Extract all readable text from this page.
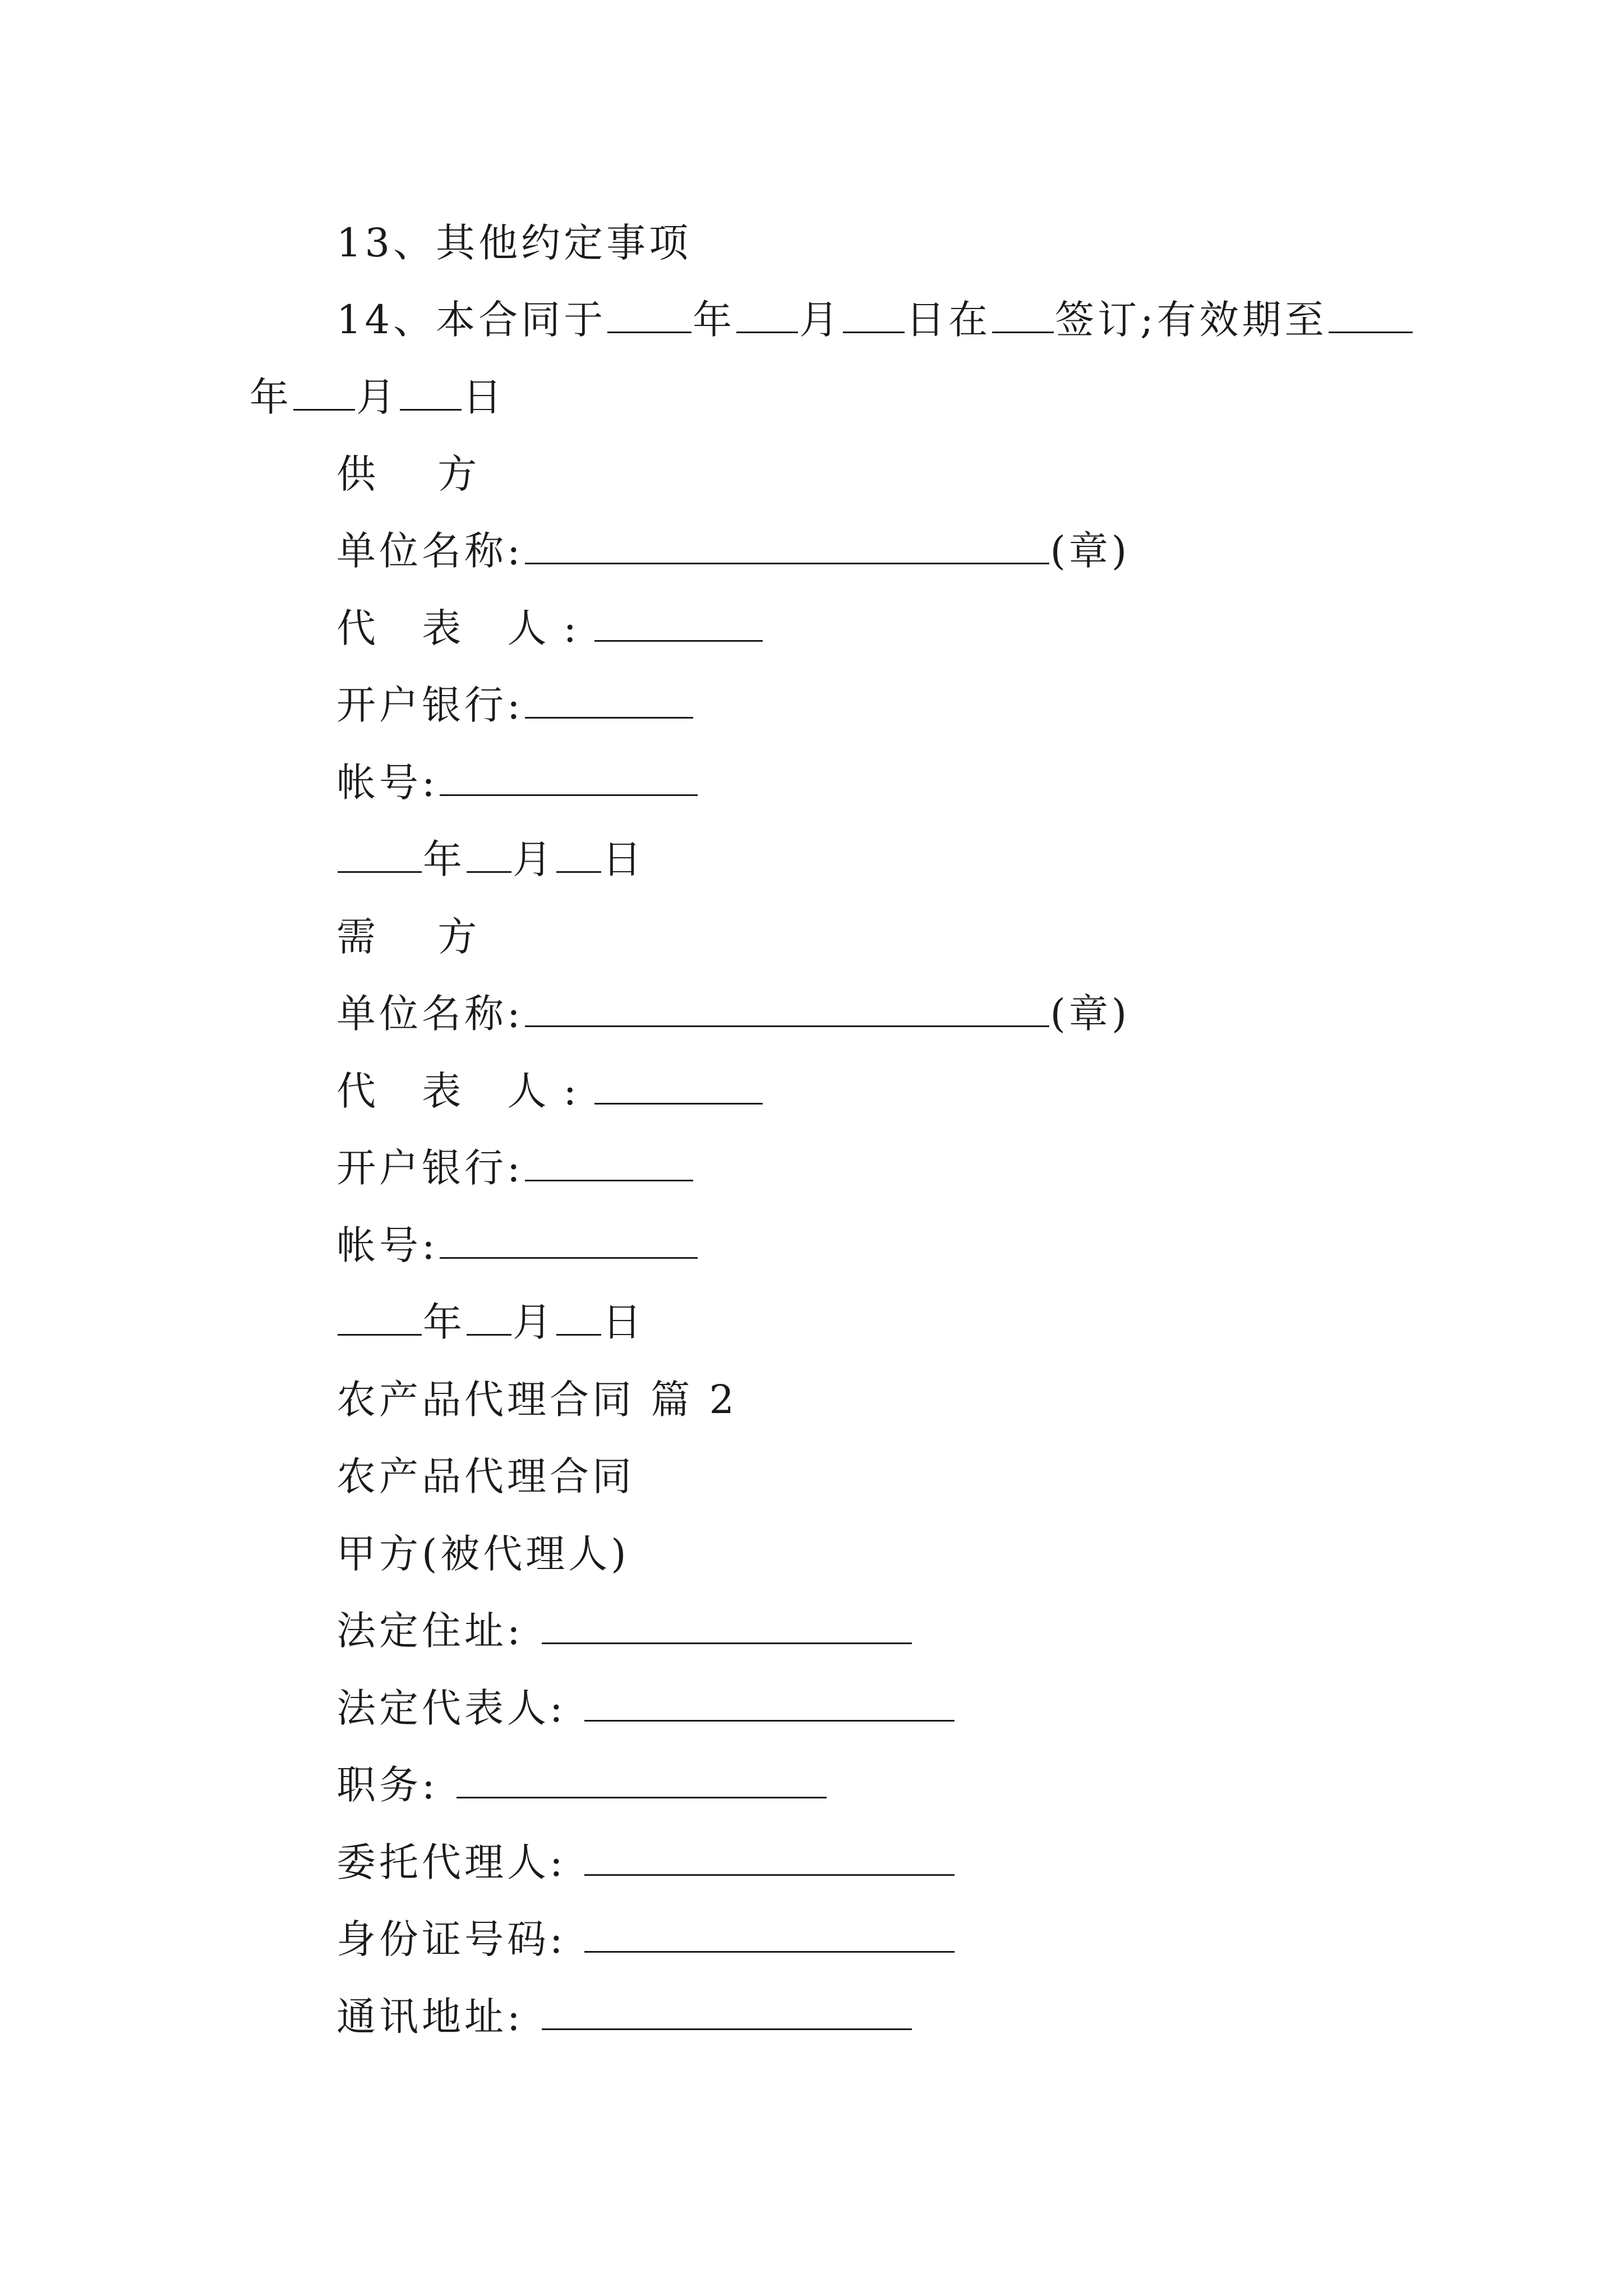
13、其他约定事项
14、本合同于 年 月 日在 签订;有效期至
年 月 日
供 方
单位名称:	(章)
代 表 人:
开户银行:
帐号:
年 月 日
需 方
单位名称:	(章)
代 表 人:
开户银行:
帐号:
年 月 日
农产品代理合同 篇 2
农产品代理合同
甲方(被代理人)
法定住址:
法定代表人:
职务:
委托代理人:
身份证号码:
通讯地址:
